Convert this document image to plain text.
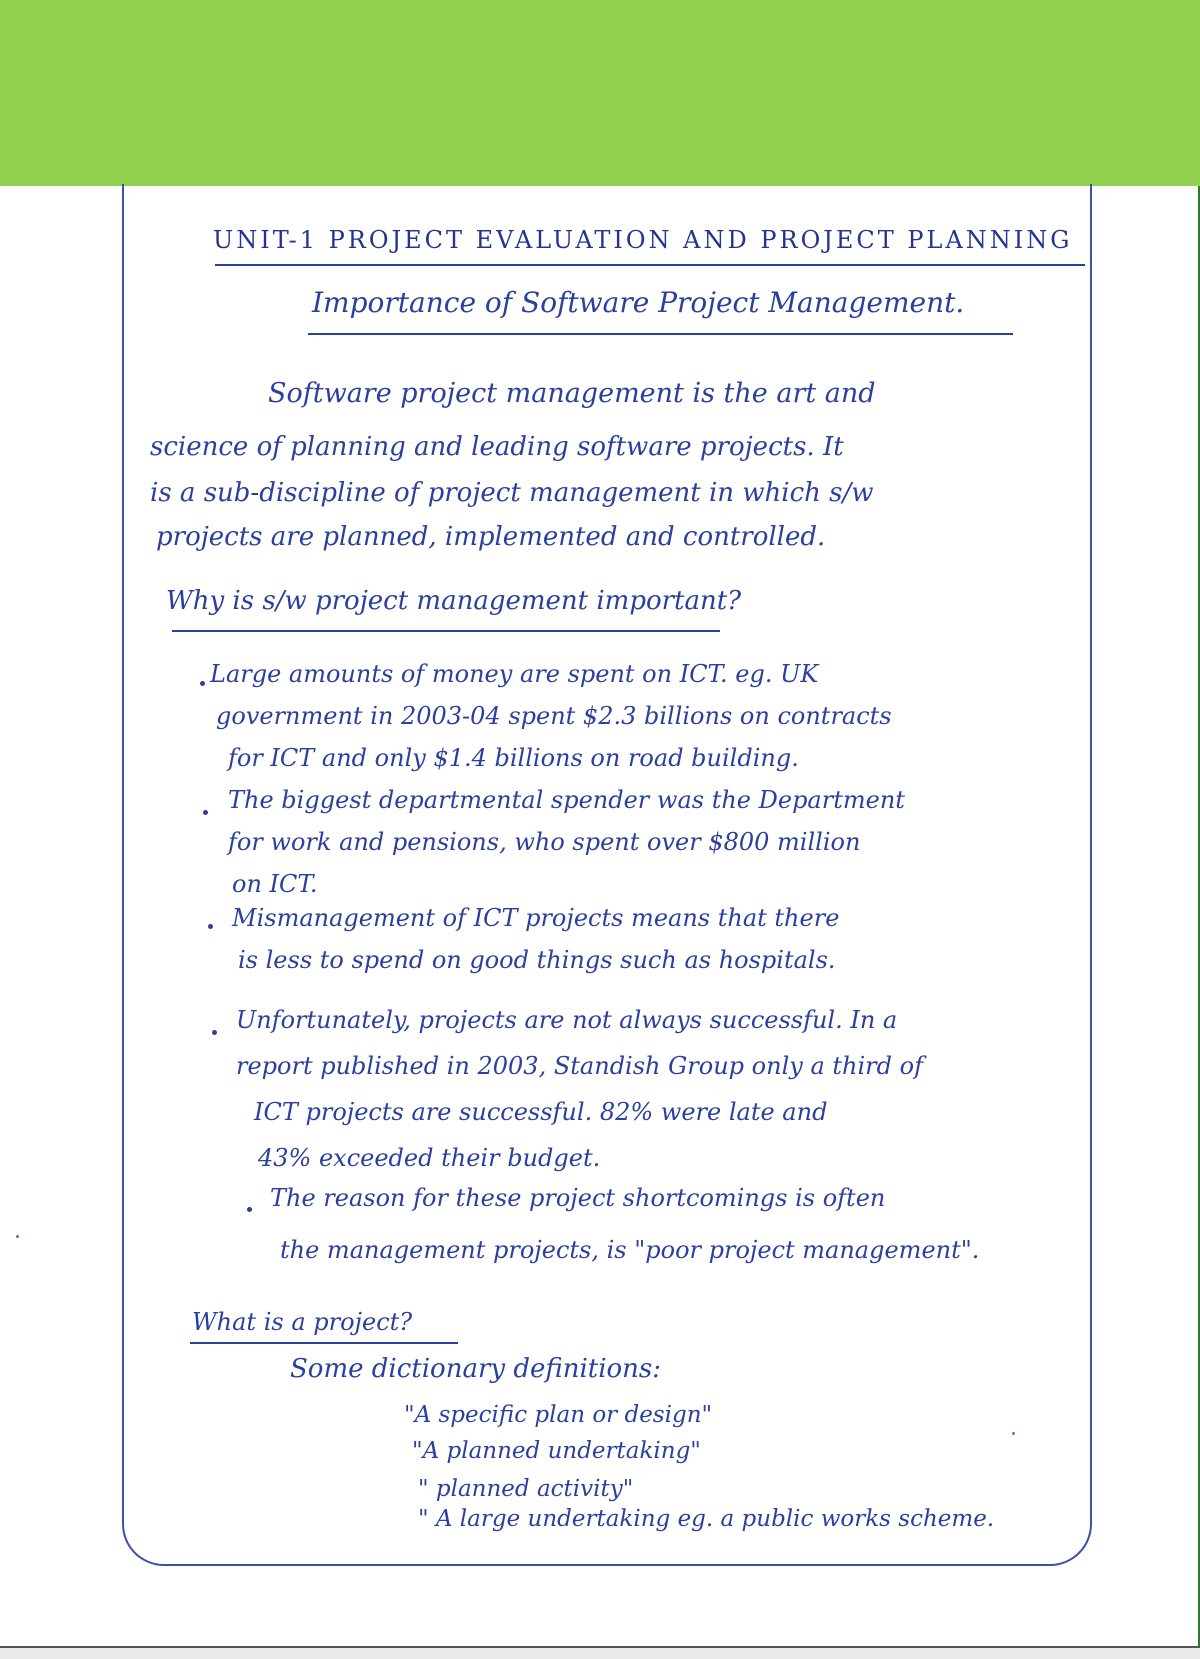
UNIT-1 PROJECT EVALUATION AND PROJECT PLANNING
Importance of Software Project Management.
Software project management is the art and
science of planning and leading software projects. It
is a sub-discipline of project management in which s/w
projects are planned, implemented and controlled.
Why is s/w project management important?
Large amounts of money are spent on ICT. eg. UK
government in 2003-04 spent $2.3 billions on contracts
for ICT and only $1.4 billions on road building.
The biggest departmental spender was the Department
for work and pensions, who spent over $800 million
on ICT.
Mismanagement of ICT projects means that there
is less to spend on good things such as hospitals.
Unfortunately, projects are not always successful. In a
report published in 2003, Standish Group only a third of
ICT projects are successful. 82% were late and
43% exceeded their budget.
The reason for these project shortcomings is often
the management projects, is "poor project management".
What is a project?
Some dictionary definitions:
"A specific plan or design"
"A planned undertaking"
" planned activity"
" A large undertaking eg. a public works scheme.
